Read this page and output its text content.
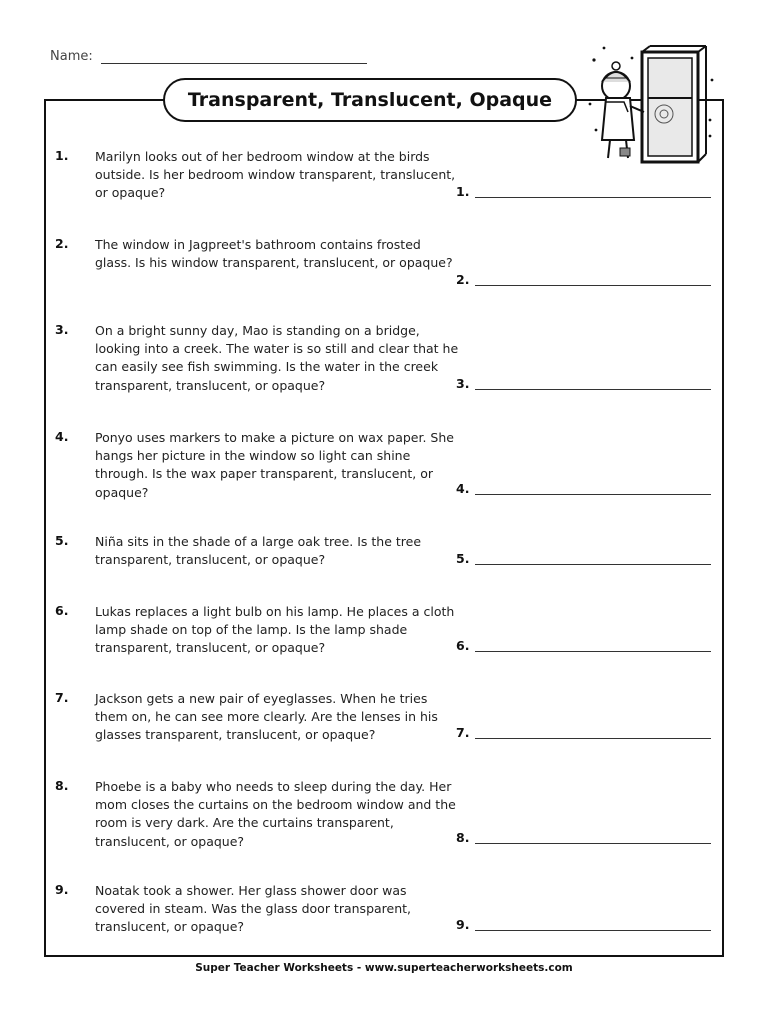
Name:
Transparent, Translucent, Opaque
1. Marilyn looks out of her bedroom window at the birds outside. Is her bedroom window transparent, translucent, or opaque?	1.
2. The window in Jagpreet's bathroom contains frosted glass. Is his window transparent, translucent, or opaque?
2.
3. On a bright sunny day, Mao is standing on a bridge, looking into a creek. The water is so still and clear that he can easily see fish swimming. Is the water in the creek transparent, translucent, or opaque?	3.
4. Ponyo uses markers to make a picture on wax paper. She hangs her picture in the window so light can shine through. Is the wax paper transparent, translucent, or opaque?	4.
5. Niña sits in the shade of a large oak tree. Is the tree transparent, translucent, or opaque?	5.
6. Lukas replaces a light bulb on his lamp. He places a cloth lamp shade on top of the lamp. Is the lamp shade transparent, translucent, or opaque?	6.
7. Jackson gets a new pair of eyeglasses. When he tries them on, he can see more clearly. Are the lenses in his glasses transparent, translucent, or opaque?	7.
8. Phoebe is a baby who needs to sleep during the day. Her mom closes the curtains on the bedroom window and the room is very dark. Are the curtains transparent, translucent, or opaque?	8.
9. Noatak took a shower. Her glass shower door was covered in steam. Was the glass door transparent, translucent, or opaque?	9.
Super Teacher Worksheets - www.superteacherworksheets.com
